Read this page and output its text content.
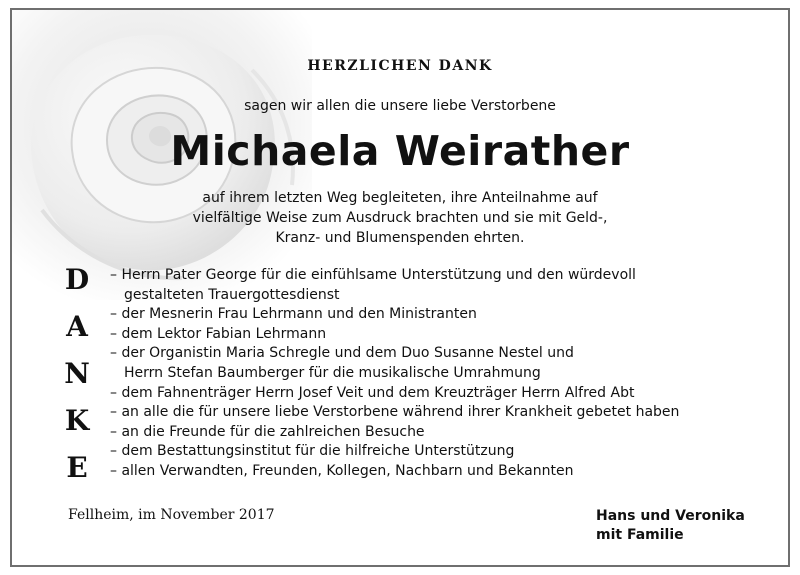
HERZLICHEN DANK
sagen wir allen die unsere liebe Verstorbene
Michaela Weirather
auf ihrem letzten Weg begleiteten, ihre Anteilnahme auf
vielfältige Weise zum Ausdruck brachten und sie mit Geld-,
Kranz- und Blumenspenden ehrten.
D
A
N
K
E
– Herrn Pater George für die einfühlsame Unterstützung und den würdevoll
gestalteten Trauergottesdienst
– der Mesnerin Frau Lehrmann und den Ministranten
– dem Lektor Fabian Lehrmann
– der Organistin Maria Schregle und dem Duo Susanne Nestel und
Herrn Stefan Baumberger für die musikalische Umrahmung
– dem Fahnenträger Herrn Josef Veit und dem Kreuzträger Herrn Alfred Abt
– an alle die für unsere liebe Verstorbene während ihrer Krankheit gebetet haben
– an die Freunde für die zahlreichen Besuche
– dem Bestattungsinstitut für die hilfreiche Unterstützung
– allen Verwandten, Freunden, Kollegen, Nachbarn und Bekannten
Fellheim, im November 2017	Hans und Veronika
mit Familie
